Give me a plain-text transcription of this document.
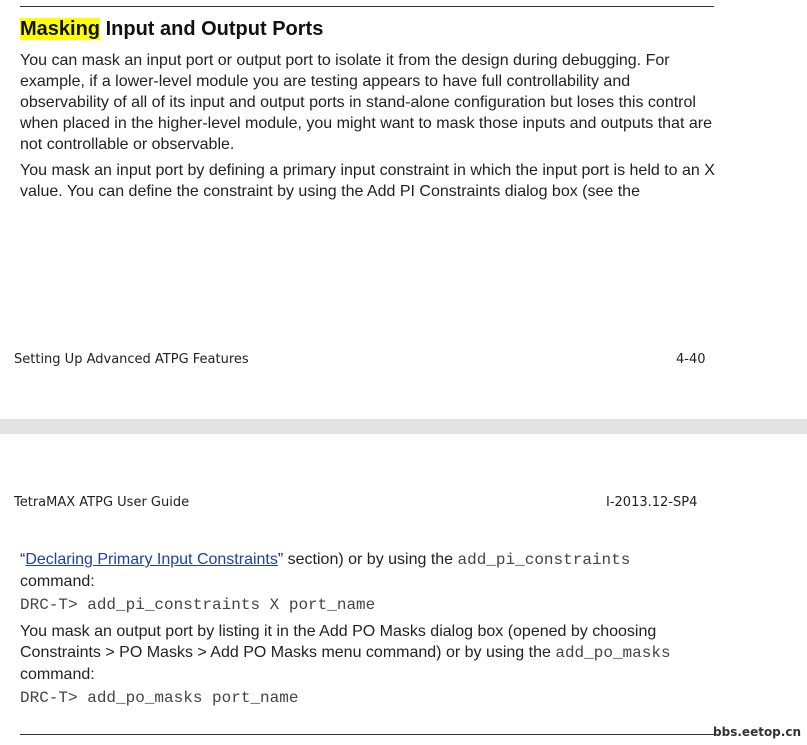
Masking Input and Output Ports

You can mask an input port or output port to isolate it from the design during debugging. For example, if a lower-level module you are testing appears to have full controllability and observability of all of its input and output ports in stand-alone configuration but loses this control when placed in the higher-level module, you might want to mask those inputs and outputs that are not controllable or observable.

You mask an input port by defining a primary input constraint in which the input port is held to an X value. You can define the constraint by using the Add PI Constraints dialog box (see the

Setting Up Advanced ATPG Features	4-40
TetraMAX ATPG User Guide	I-2013.12-SP4

“Declaring Primary Input Constraints” section) or by using the add_pi_constraints
command:

DRC-T> add_pi_constraints X port_name

You mask an output port by listing it in the Add PO Masks dialog box (opened by choosing Constraints > PO Masks > Add PO Masks menu command) or by using the add_po_masks
command:

DRC-T> add_po_masks port_name
bbs.eetop.cn
